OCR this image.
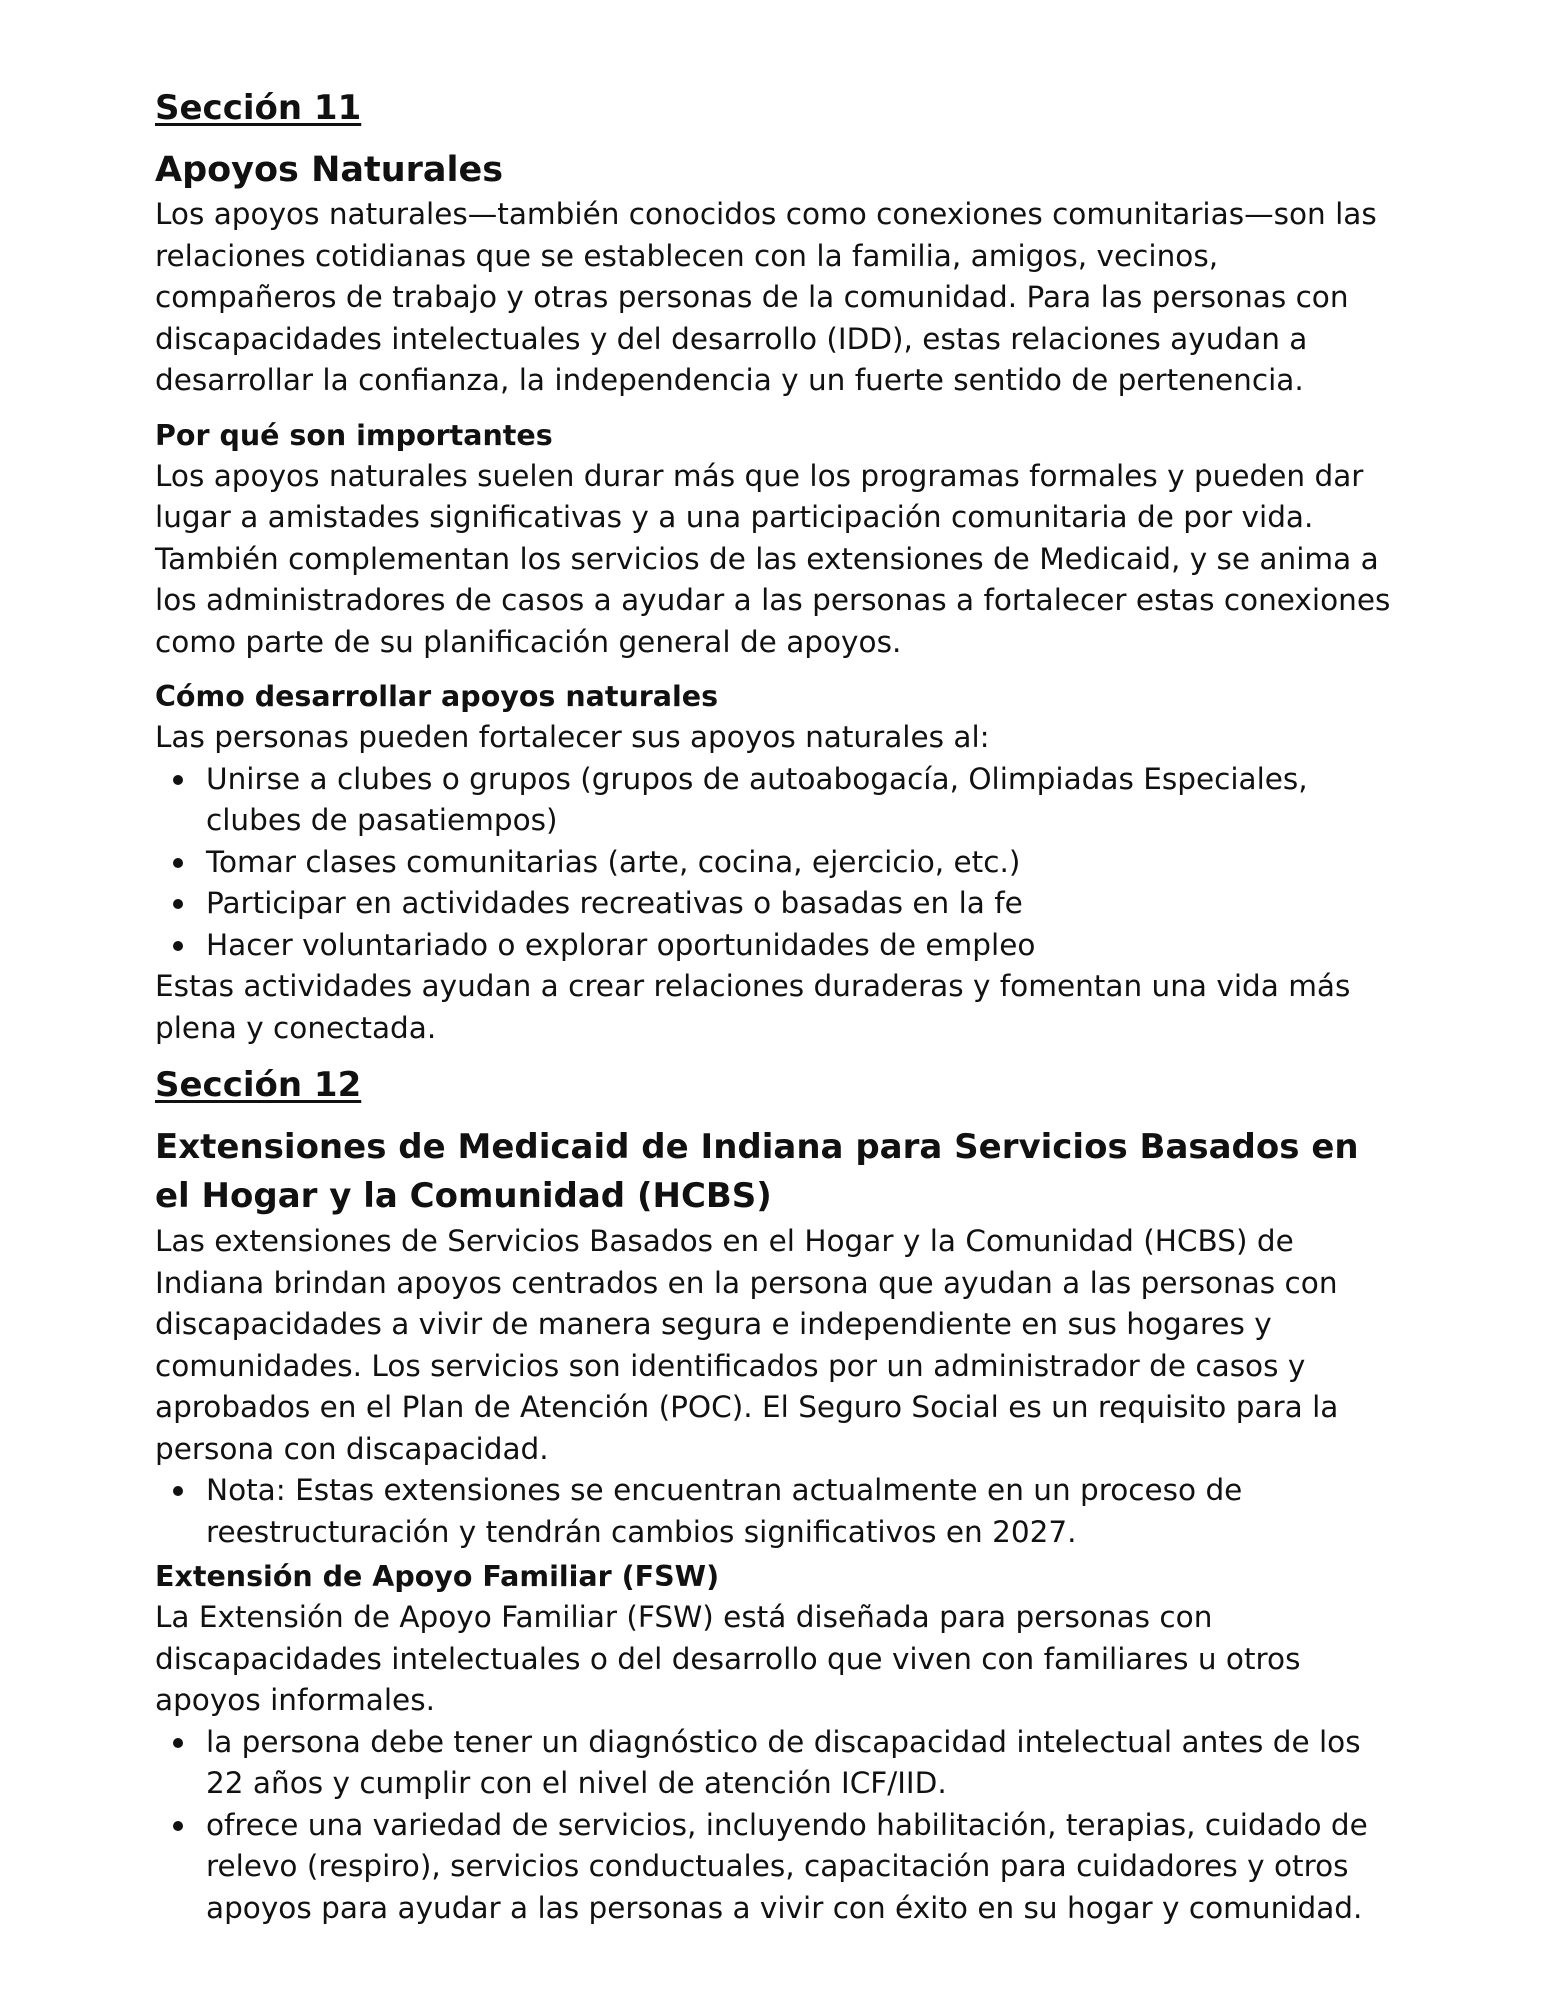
Sección 11
Apoyos Naturales

Los apoyos naturales—también conocidos como conexiones comunitarias—son las relaciones cotidianas que se establecen con la familia, amigos, vecinos, compañeros de trabajo y otras personas de la comunidad. Para las personas con discapacidades intelectuales y del desarrollo (IDD), estas relaciones ayudan a desarrollar la confianza, la independencia y un fuerte sentido de pertenencia.

Por qué son importantes

Los apoyos naturales suelen durar más que los programas formales y pueden dar lugar a amistades significativas y a una participación comunitaria de por vida. También complementan los servicios de las extensiones de Medicaid, y se anima a los administradores de casos a ayudar a las personas a fortalecer estas conexiones como parte de su planificación general de apoyos.

Cómo desarrollar apoyos naturales

Las personas pueden fortalecer sus apoyos naturales al:

Unirse a clubes o grupos (grupos de autoabogacía, Olimpiadas Especiales, clubes de pasatiempos)
Tomar clases comunitarias (arte, cocina, ejercicio, etc.)
Participar en actividades recreativas o basadas en la fe
Hacer voluntariado o explorar oportunidades de empleo

Estas actividades ayudan a crear relaciones duraderas y fomentan una vida más plena y conectada.

Sección 12
Extensiones de Medicaid de Indiana para Servicios Basados en el Hogar y la Comunidad (HCBS)

Las extensiones de Servicios Basados en el Hogar y la Comunidad (HCBS) de Indiana brindan apoyos centrados en la persona que ayudan a las personas con discapacidades a vivir de manera segura e independiente en sus hogares y comunidades. Los servicios son identificados por un administrador de casos y aprobados en el Plan de Atención (POC). El Seguro Social es un requisito para la persona con discapacidad.

Nota: Estas extensiones se encuentran actualmente en un proceso de reestructuración y tendrán cambios significativos en 2027.
Extensión de Apoyo Familiar (FSW)

La Extensión de Apoyo Familiar (FSW) está diseñada para personas con discapacidades intelectuales o del desarrollo que viven con familiares u otros apoyos informales.

la persona debe tener un diagnóstico de discapacidad intelectual antes de los 22 años y cumplir con el nivel de atención ICF/IID.
ofrece una variedad de servicios, incluyendo habilitación, terapias, cuidado de relevo (respiro), servicios conductuales, capacitación para cuidadores y otros apoyos para ayudar a las personas a vivir con éxito en su hogar y comunidad.
